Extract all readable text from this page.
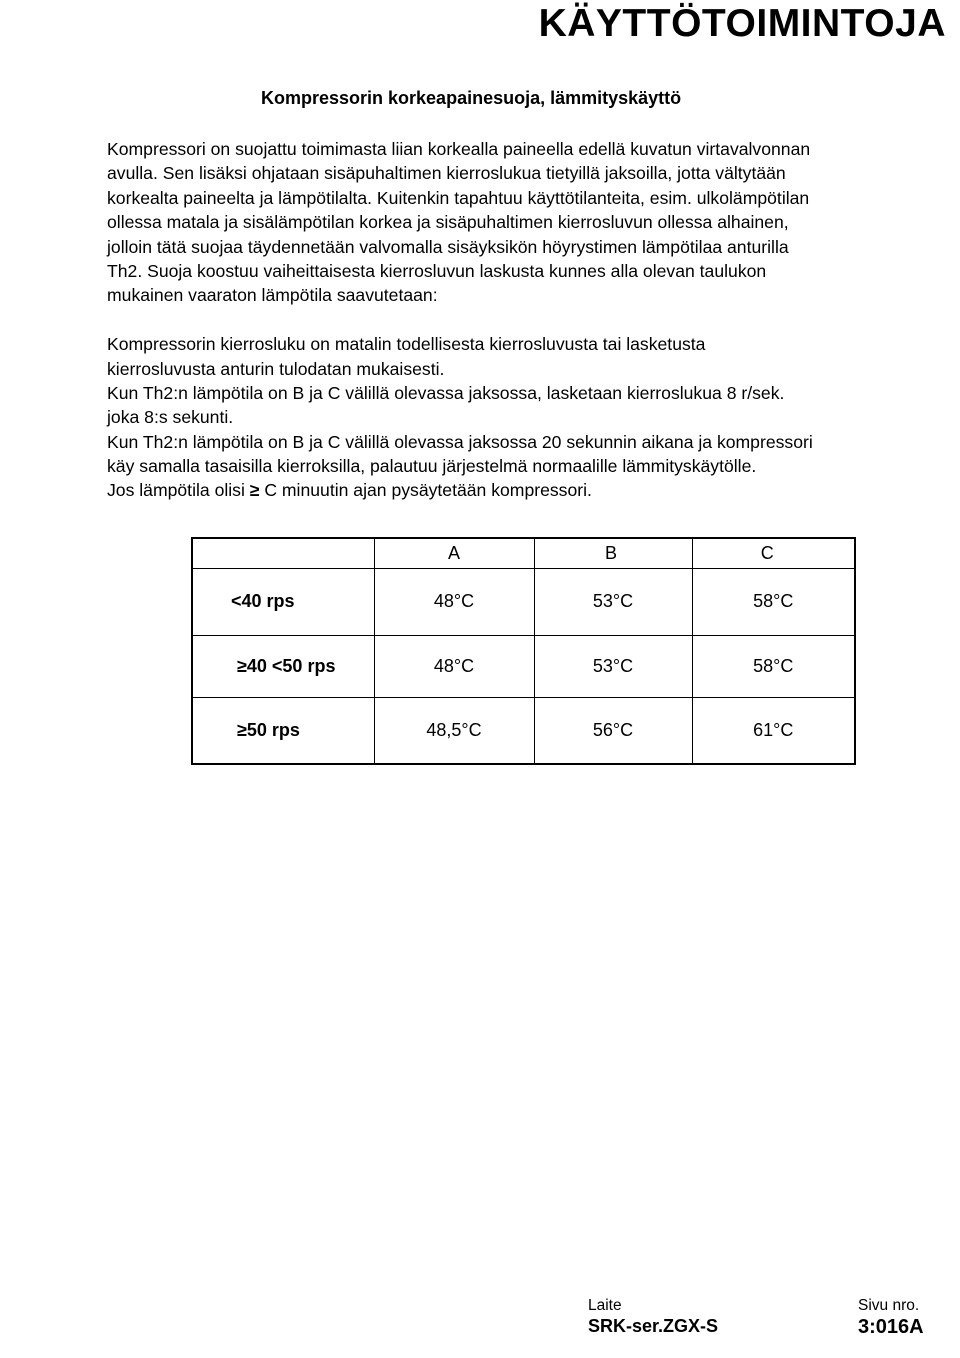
KÄYTTÖTOIMINTOJA
Kompressorin korkeapainesuoja, lämmityskäyttö
Kompressori on suojattu toimimasta liian korkealla paineella edellä kuvatun virtavalvonnan
avulla. Sen lisäksi ohjataan sisäpuhaltimen kierroslukua tietyillä jaksoilla, jotta vältytään
korkealta paineelta ja lämpötilalta. Kuitenkin tapahtuu käyttötilanteita, esim. ulkolämpötilan
ollessa matala ja sisälämpötilan korkea ja sisäpuhaltimen kierrosluvun ollessa alhainen,
jolloin tätä suojaa täydennetään valvomalla sisäyksikön höyrystimen lämpötilaa anturilla
Th2. Suoja koostuu vaiheittaisesta kierrosluvun laskusta kunnes alla olevan taulukon
mukainen vaaraton lämpötila saavutetaan:
Kompressorin kierrosluku on matalin todellisesta kierrosluvusta tai lasketusta
kierrosluvusta anturin tulodatan mukaisesti.
Kun Th2:n lämpötila on B ja C välillä olevassa jaksossa, lasketaan kierroslukua 8 r/sek.
joka 8:s sekunti.
Kun Th2:n lämpötila on B ja C välillä olevassa jaksossa 20 sekunnin aikana ja kompressori
käy samalla tasaisilla kierroksilla, palautuu järjestelmä normaalille lämmityskäytölle.
Jos lämpötila olisi ≥ C minuutin ajan pysäytetään kompressori.
	A	B	C
<40 rps	48°C	53°C	58°C
≥40 <50 rps	48°C	53°C	58°C
≥50 rps	48,5°C	56°C	61°C
Laite
SRK-ser.ZGX-S
Sivu nro.
3:016A
